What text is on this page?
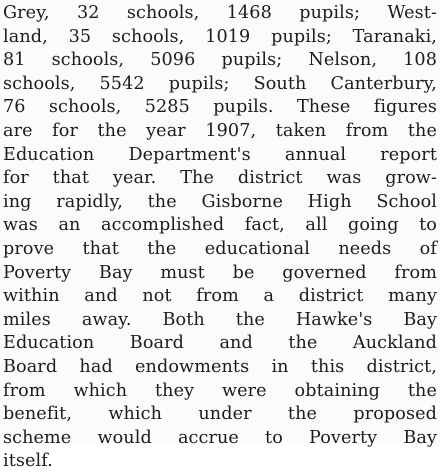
Grey, 32 schools, 1468 pupils; West-
land, 35 schools, 1019 pupils; Taranaki,
81 schools, 5096 pupils; Nelson, 108
schools, 5542 pupils; South Canterbury,
76 schools, 5285 pupils. These figures
are for the year 1907, taken from the
Education Department's annual report
for that year. The district was grow-
ing rapidly, the Gisborne High School
was an accomplished fact, all going to
prove that the educational needs of
Poverty Bay must be governed from
within and not from a district many
miles away. Both the Hawke's Bay
Education Board and the Auckland
Board had endowments in this district,
from which they were obtaining the
benefit, which under the proposed
scheme would accrue to Poverty Bay
itself.
